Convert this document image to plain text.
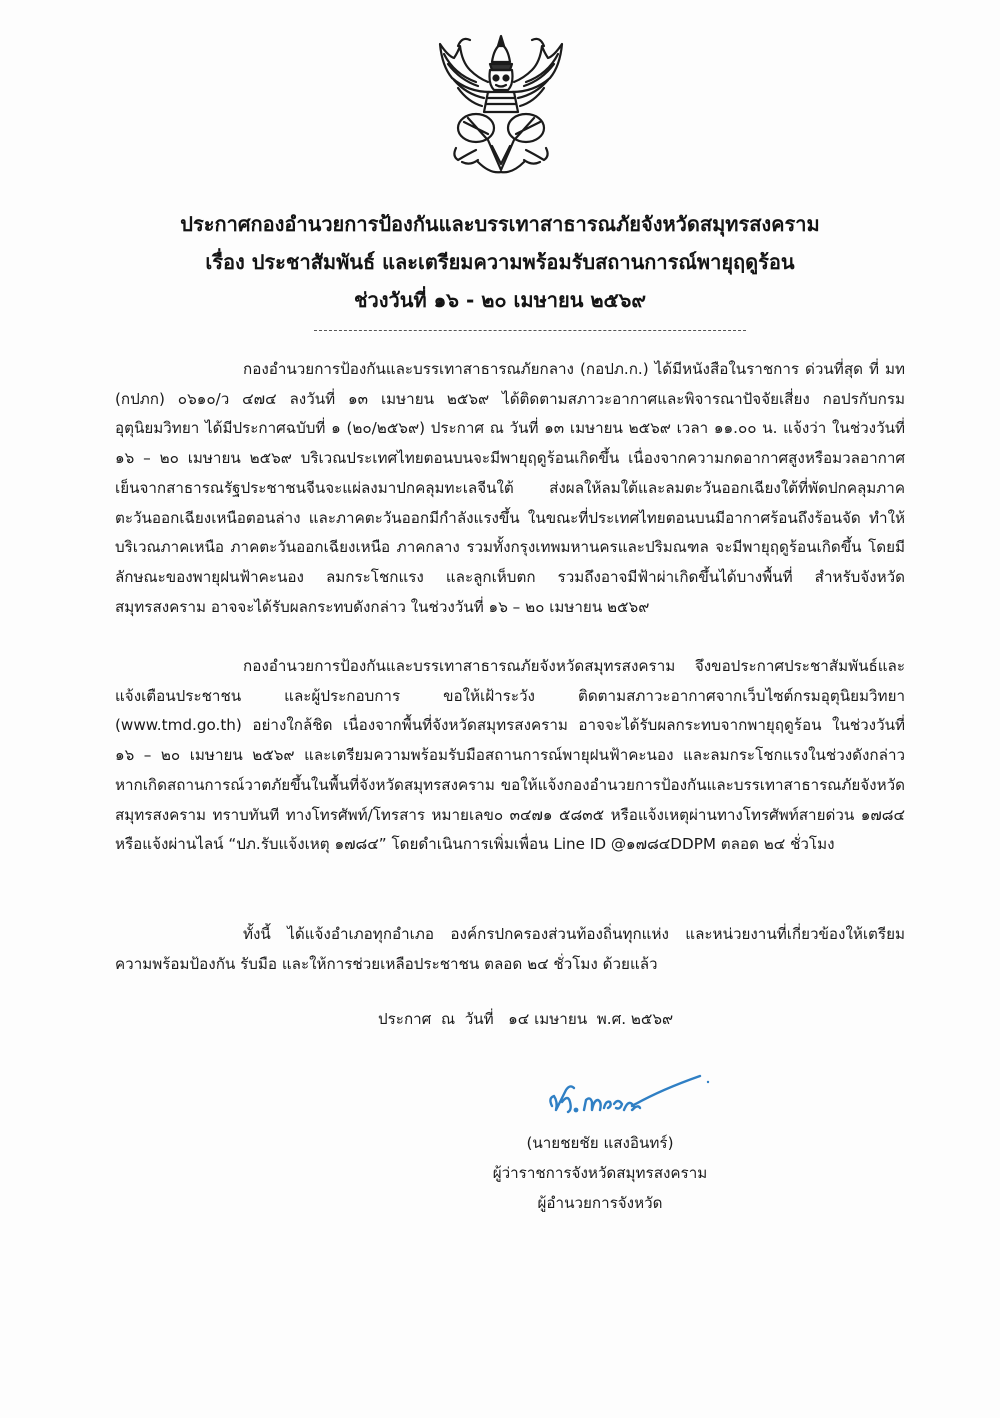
ประกาศกองอำนวยการป้องกันและบรรเทาสาธารณภัยจังหวัดสมุทรสงคราม
เรื่อง ประชาสัมพันธ์ และเตรียมความพร้อมรับสถานการณ์พายุฤดูร้อน
ช่วงวันที่ ๑๖ - ๒๐ เมษายน ๒๕๖๙

กองอำนวยการป้องกันและบรรเทาสาธารณภัยกลาง (กอปภ.ก.) ได้มีหนังสือในราชการ ด่วนที่สุด ที่ มท (กปภก) ๐๖๑๐/ว ๔๗๔ ลงวันที่ ๑๓ เมษายน ๒๕๖๙ ได้ติดตามสภาวะอากาศและพิจารณาปัจจัยเสี่ยง กอปรกับกรมอุตุนิยมวิทยา ได้มีประกาศฉบับที่ ๑ (๒๐/๒๕๖๙) ประกาศ ณ วันที่ ๑๓ เมษายน ๒๕๖๙ เวลา ๑๑.๐๐ น. แจ้งว่า ในช่วงวันที่ ๑๖ – ๒๐ เมษายน ๒๕๖๙ บริเวณประเทศไทยตอนบนจะมีพายุฤดูร้อนเกิดขึ้น เนื่องจากความกดอากาศสูงหรือมวลอากาศเย็นจากสาธารณรัฐประชาชนจีนจะแผ่ลงมาปกคลุมทะเลจีนใต้ ส่งผลให้ลมใต้และลมตะวันออกเฉียงใต้ที่พัดปกคลุมภาคตะวันออกเฉียงเหนือตอนล่าง และภาคตะวันออกมีกำลังแรงขึ้น ในขณะที่ประเทศไทยตอนบนมีอากาศร้อนถึงร้อนจัด ทำให้บริเวณภาคเหนือ ภาคตะวันออกเฉียงเหนือ ภาคกลาง รวมทั้งกรุงเทพมหานครและปริมณฑล จะมีพายุฤดูร้อนเกิดขึ้น โดยมีลักษณะของพายุฝนฟ้าคะนอง ลมกระโชกแรง และลูกเห็บตก รวมถึงอาจมีฟ้าผ่าเกิดขึ้นได้บางพื้นที่ สำหรับจังหวัดสมุทรสงคราม อาจจะได้รับผลกระทบดังกล่าว ในช่วงวันที่ ๑๖ – ๒๐ เมษายน ๒๕๖๙

กองอำนวยการป้องกันและบรรเทาสาธารณภัยจังหวัดสมุทรสงคราม จึงขอประกาศประชาสัมพันธ์และแจ้งเตือนประชาชน และผู้ประกอบการ ขอให้เฝ้าระวัง ติดตามสภาวะอากาศจากเว็บไซต์กรมอุตุนิยมวิทยา (www.tmd.go.th) อย่างใกล้ชิด เนื่องจากพื้นที่จังหวัดสมุทรสงคราม อาจจะได้รับผลกระทบจากพายุฤดูร้อน ในช่วงวันที่ ๑๖ – ๒๐ เมษายน ๒๕๖๙ และเตรียมความพร้อมรับมือสถานการณ์พายุฝนฟ้าคะนอง และลมกระโชกแรงในช่วงดังกล่าว หากเกิดสถานการณ์วาตภัยขึ้นในพื้นที่จังหวัดสมุทรสงคราม ขอให้แจ้งกองอำนวยการป้องกันและบรรเทาสาธารณภัยจังหวัดสมุทรสงคราม ทราบทันที ทางโทรศัพท์/โทรสาร หมายเลข๐ ๓๔๗๑ ๕๘๓๕ หรือแจ้งเหตุผ่านทางโทรศัพท์สายด่วน ๑๗๘๔ หรือแจ้งผ่านไลน์ “ปภ.รับแจ้งเหตุ ๑๗๘๔” โดยดำเนินการเพิ่มเพื่อน Line ID @๑๗๘๔DDPM ตลอด ๒๔ ชั่วโมง

ทั้งนี้ ได้แจ้งอำเภอทุกอำเภอ องค์กรปกครองส่วนท้องถิ่นทุกแห่ง และหน่วยงานที่เกี่ยวข้องให้เตรียมความพร้อมป้องกัน รับมือ และให้การช่วยเหลือประชาชน ตลอด ๒๔ ชั่วโมง ด้วยแล้ว

ประกาศ  ณ  วันที่   ๑๔ เมษายน  พ.ศ. ๒๕๖๙
(นายชยชัย แสงอินทร์)
ผู้ว่าราชการจังหวัดสมุทรสงคราม
ผู้อำนวยการจังหวัด
